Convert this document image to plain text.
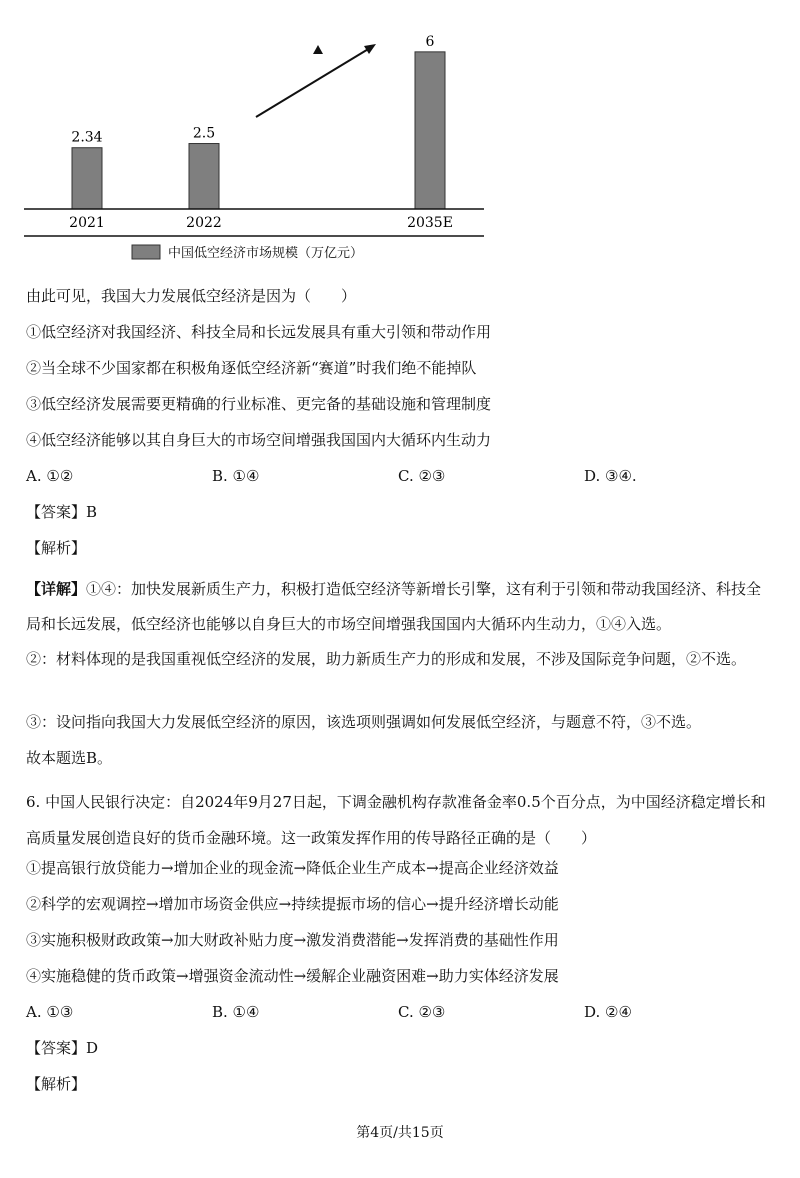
2.34
2021
2.5
2022
6
2035E
中国低空经济市场规模（万亿元）
由此可见，我国大力发展低空经济是因为（　　）
①低空经济对我国经济、科技全局和长远发展具有重大引领和带动作用
②当全球不少国家都在积极角逐低空经济新“赛道”时我们绝不能掉队
③低空经济发展需要更精确的行业标准、更完备的基础设施和管理制度
④低空经济能够以其自身巨大的市场空间增强我国国内大循环内生动力
A. ①②	B. ①④	C. ②③	D. ③④.
【答案】B
【解析】
【详解】①④：加快发展新质生产力，积极打造低空经济等新增长引擎，这有利于引领和带动我国经济、科技全局和长远发展，低空经济也能够以自身巨大的市场空间增强我国国内大循环内生动力，①④入选。
②：材料体现的是我国重视低空经济的发展，助力新质生产力的形成和发展，不涉及国际竞争问题，②不选。
③：设问指向我国大力发展低空经济的原因，该选项则强调如何发展低空经济，与题意不符，③不选。
故本题选B。
6. 中国人民银行决定：自2024年9月27日起，下调金融机构存款准备金率0.5个百分点，为中国经济稳定增长和高质量发展创造良好的货币金融环境。这一政策发挥作用的传导路径正确的是（　　）
①提高银行放贷能力→增加企业的现金流→降低企业生产成本→提高企业经济效益
②科学的宏观调控→增加市场资金供应→持续提振市场的信心→提升经济增长动能
③实施积极财政政策→加大财政补贴力度→激发消费潜能→发挥消费的基础性作用
④实施稳健的货币政策→增强资金流动性→缓解企业融资困难→助力实体经济发展
A. ①③	B. ①④	C. ②③	D. ②④
【答案】D
【解析】
第4页/共15页
